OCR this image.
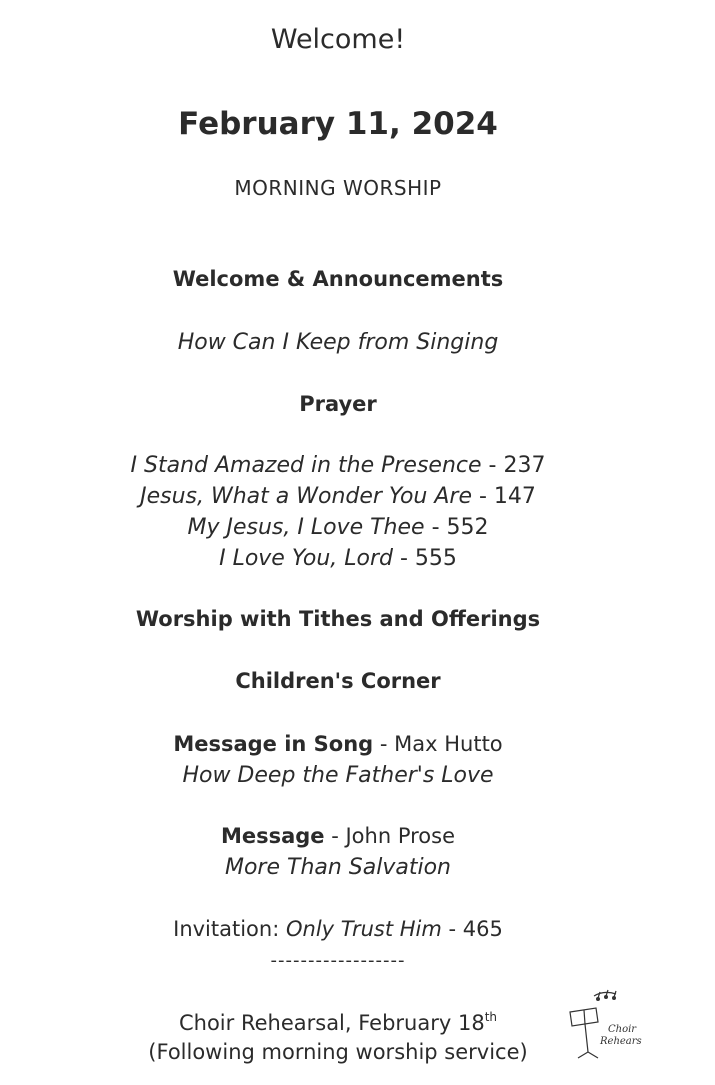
Welcome!
February 11, 2024
MORNING WORSHIP
Welcome & Announcements
How Can I Keep from Singing
Prayer
I Stand Amazed in the Presence - 237
Jesus, What a Wonder You Are - 147
My Jesus, I Love Thee - 552
I Love You, Lord - 555
Worship with Tithes and Offerings
Children's Corner
Message in Song - Max Hutto
How Deep the Father's Love
Message - John Prose
More Than Salvation
Invitation: Only Trust Him - 465
------------------
Choir Rehearsal, February 18th
(Following morning worship service)
Choir
Rehears
